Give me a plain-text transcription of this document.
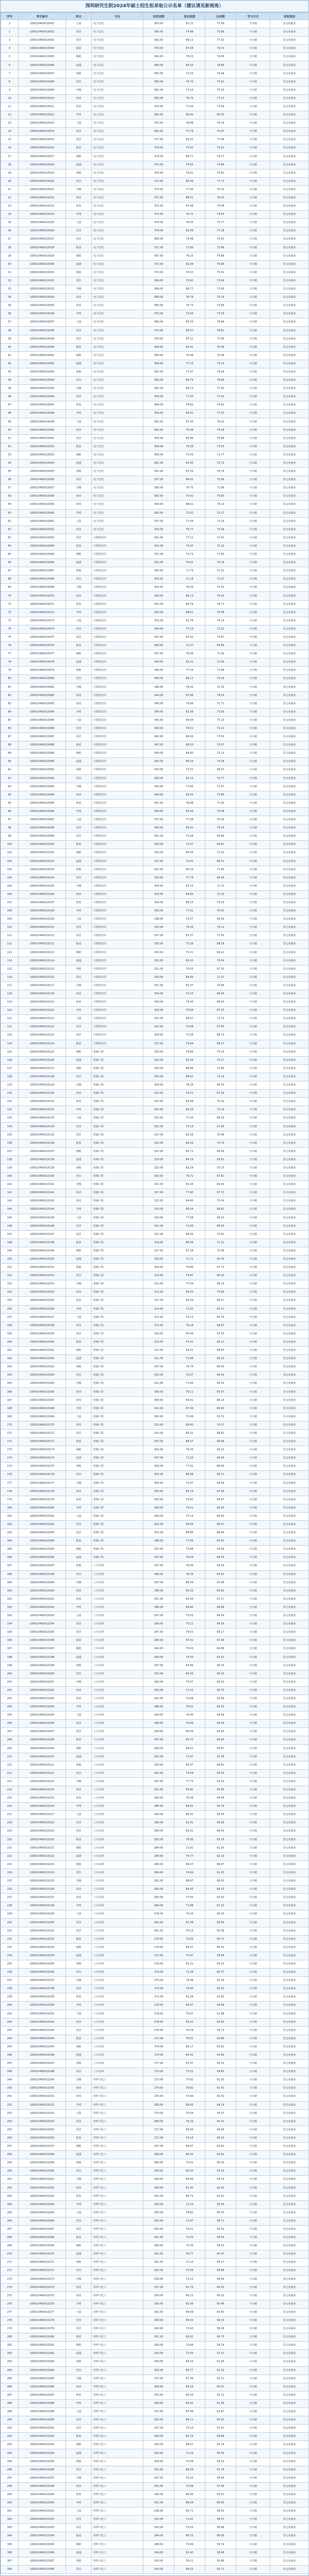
深圳研究生院2024年硕士招生拟录取公示名单（建议请见新视角）
序号	考生编号	姓名	专业	初试成绩	复试成绩	总成绩	学习方式	录取类别
1	100010400010001	王磊	电子信息	383.00	81.22	77.99	全日制	非定向就业
2	100010400010002	张伟	电子信息	380.00	74.88	75.66	全日制	非定向就业
3	100010400010003	刘洋	电子信息	382.00	80.13	77.52	全日制	非定向就业
4	100010400010004	陈晨	电子信息	379.00	87.58	79.33	全日制	非定向就业
5	100010400010005	杨帆	电子信息	382.00	78.22	76.95	全日制	非定向就业
6	100010400010006	赵越	电子信息	380.00	85.63	78.89	全日制	非定向就业
7	100010400010007	黄敏	电子信息	382.00	71.53	74.94	全日制	非定向就业
8	100010400010008	周杰	电子信息	380.00	74.70	75.61	全日制	非定向就业
9	100010400010009	吴娜	电子信息	381.00	73.16	75.29	全日制	非定向就业
10	100010400010010	徐涛	电子信息	380.00	79.75	77.13	全日制	非定向就业
11	100010400010011	孙悦	电子信息	376.00	71.00	73.94	全日制	非定向就业
12	100010400010012	李明	电子信息	382.00	89.40	80.30	全日制	非定向就业
13	100010400010013	王磊	电子信息	375.00	78.88	76.16	全日制	非定向就业
14	100010400010014	张伟	电子信息	381.00	73.78	75.47	全日制	非定向就业
15	100010400010015	刘洋	电子信息	377.00	81.01	77.08	全日制	非定向就业
16	100010400010016	陈晨	电子信息	378.00	75.62	75.61	全日制	非定向就业
17	100010400010017	杨帆	电子信息	374.00	89.71	79.27	全日制	非定向就业
18	100010400010018	赵越	电子信息	375.00	74.65	74.89	全日制	非定向就业
19	100010400010019	黄敏	电子信息	376.00	76.61	75.62	全日制	非定向就业
20	100010400010020	周杰	电子信息	372.00	85.46	77.72	全日制	非定向就业
21	100010400010021	吴娜	电子信息	373.00	77.00	75.32	全日制	非定向就业
22	100010400010022	徐涛	电子信息	371.00	88.52	78.50	全日制	非定向就业
23	100010400010023	孙悦	电子信息	372.00	87.68	78.38	全日制	非定向就业
24	100010400010024	李明	电子信息	373.00	74.72	74.64	全日制	非定向就业
25	100010400010025	王磊	电子信息	374.00	78.03	75.77	全日制	非定向就业
26	100010400010026	张伟	电子信息	374.00	83.06	77.28	全日制	非定向就业
27	100010400010027	刘洋	电子信息	369.00	74.48	74.00	全日制	非定向就业
28	100010400010028	陈晨	电子信息	371.00	71.80	73.48	全日制	非定向就业
29	100010400010029	杨帆	电子信息	367.00	78.25	74.86	全日制	非定向就业
30	100010400010030	赵越	电子信息	372.00	82.94	76.96	全日制	非定向就业
31	100010400010031	黄敏	电子信息	374.00	76.50	75.31	全日制	非定向就业
32	100010400010032	周杰	电子信息	369.00	79.92	75.64	全日制	非定向就业
33	100010400010033	吴娜	电子信息	369.00	86.77	77.69	全日制	非定向就业
34	100010400010034	徐涛	电子信息	368.00	78.79	75.16	全日制	非定向就业
35	100010400010035	孙悦	电子信息	366.00	74.73	73.66	全日制	非定向就业
36	100010400010036	李明	电子信息	370.00	72.64	73.59	全日制	非定向就业
37	100010400010037	王磊	电子信息	366.00	85.33	76.84	全日制	非定向就业
38	100010400010038	张伟	电子信息	370.00	89.37	78.61	全日制	非定向就业
39	100010400010039	刘洋	电子信息	370.00	87.21	77.96	全日制	非定向就业
40	100010400010040	陈晨	电子信息	368.00	82.81	76.36	全日制	非定向就业
41	100010400010041	杨帆	电子信息	366.00	70.48	72.38	全日制	非定向就业
42	100010400010042	赵越	电子信息	364.00	77.15	74.10	全日制	非定向就业
43	100010400010043	黄敏	电子信息	362.00	77.87	74.04	全日制	非定向就业
44	100010400010044	周杰	电子信息	366.00	84.74	76.66	全日制	非定向就业
45	100010400010045	吴娜	电子信息	362.00	89.13	77.42	全日制	非定向就业
46	100010400010046	徐涛	电子信息	359.00	77.20	73.42	全日制	非定向就业
47	100010400010047	孙悦	电子信息	364.00	78.82	74.61	全日制	非定向就业
48	100010400010048	李明	电子信息	359.00	89.81	77.20	全日制	非定向就业
49	100010400010049	王磊	电子信息	362.00	87.45	76.91	全日制	非定向就业
50	100010400010050	张伟	电子信息	362.00	79.38	74.49	全日制	非定向就业
51	100010400010051	刘洋	电子信息	358.00	85.86	75.88	全日制	非定向就业
52	100010400010052	陈晨	电子信息	364.00	75.29	73.55	全日制	非定向就业
53	100010400010053	杨帆	电子信息	356.00	73.09	71.77	全日制	非定向就业
54	100010400010054	赵越	电子信息	361.00	83.95	75.72	全日制	非定向就业
55	100010400010055	黄敏	电子信息	361.00	87.39	76.76	全日制	非定向就业
56	100010400010056	周杰	电子信息	357.00	86.61	75.96	全日制	非定向就业
57	100010400010057	吴娜	电子信息	356.00	70.75	71.06	全日制	非定向就业
58	100010400010058	徐涛	电子信息	355.00	70.42	70.83	全日制	非定向就业
59	100010400010059	孙悦	电子信息	358.00	86.61	76.10	全日制	非定向就业
60	100010400010060	李明	电子信息	360.00	72.91	72.27	全日制	非定向就业
61	100010400010061	王磊	电子信息	357.00	71.04	71.29	全日制	非定向就业
62	100010400010062	张伟	电子信息	354.00	79.77	73.49	全日制	非定向就业
63	100010400010063	刘洋	计算机技术	352.00	77.11	72.41	全日制	非定向就业
64	100010400010064	陈晨	计算机技术	353.00	75.92	72.20	全日制	非定向就业
65	100010400010065	杨帆	计算机技术	357.00	72.73	71.80	全日制	非定向就业
66	100010400010066	赵越	计算机技术	352.00	70.02	70.29	全日制	非定向就业
67	100010400010067	黄敏	计算机技术	355.00	71.73	71.22	全日制	非定向就业
68	100010400010068	周杰	计算机技术	353.00	72.18	71.07	全日制	非定向就业
69	100010400010069	吴娜	计算机技术	353.00	78.29	72.91	全日制	非定向就业
70	100010400010070	徐涛	计算机技术	349.00	85.13	74.40	全日制	非定向就业
71	100010400010071	孙悦	计算机技术	352.00	84.78	74.71	全日制	非定向就业
72	100010400010072	李明	计算机技术	350.00	88.61	75.58	全日制	非定向就业
73	100010400010073	王磊	计算机技术	353.00	82.78	74.25	全日制	非定向就业
74	100010400010074	张伟	计算机技术	349.00	77.19	72.02	全日制	非定向就业
75	100010400010075	刘洋	计算机技术	347.00	87.62	74.87	全日制	非定向就业
76	100010400010076	陈晨	计算机技术	346.00	71.37	69.85	全日制	非定向就业
77	100010400010077	杨帆	计算机技术	347.00	76.08	71.40	全日制	非定向就业
78	100010400010078	赵越	计算机技术	345.00	82.01	72.90	全日制	非定向就业
79	100010400010079	黄敏	计算机技术	348.00	77.54	71.98	全日制	非定向就业
80	100010400010080	周杰	计算机技术	348.00	88.12	75.16	全日制	非定向就业
81	100010400010081	吴娜	计算机技术	348.00	78.43	72.25	全日制	非定向就业
82	100010400010082	徐涛	计算机技术	344.00	87.98	74.55	全日制	非定向就业
83	100010400010083	孙悦	计算机技术	348.00	79.98	72.71	全日制	非定向就业
84	100010400010084	李明	计算机技术	349.00	83.56	73.93	全日制	非定向就业
85	100010400010085	王磊	计算机技术	345.00	89.34	75.10	全日制	非定向就业
86	100010400010086	张伟	计算机技术	348.00	78.31	72.21	全日制	非定向就业
87	100010400010087	刘洋	计算机技术	345.00	84.06	73.52	全日制	非定向就业
88	100010400010088	陈晨	计算机技术	347.00	88.30	75.07	全日制	非定向就业
89	100010400010089	杨帆	计算机技术	344.00	89.80	75.10	全日制	非定向就业
90	100010400010090	赵越	计算机技术	345.00	86.59	74.28	全日制	非定向就业
91	100010400010091	黄敏	计算机技术	343.00	71.51	69.47	全日制	非定向就业
92	100010400010092	周杰	计算机技术	346.00	81.10	72.77	全日制	非定向就业
93	100010400010093	吴娜	计算机技术	343.00	77.83	71.37	全日制	非定向就业
94	100010400010094	徐涛	计算机技术	344.00	85.65	73.85	全日制	非定向就业
95	100010400010095	孙悦	计算机技术	341.00	78.88	71.40	全日制	非定向就业
96	100010400010096	李明	计算机技术	344.00	84.44	73.49	全日制	非定向就业
97	100010400010097	王磊	计算机技术	337.00	77.38	70.39	全日制	非定向就业
98	100010400010098	张伟	计算机技术	340.00	89.81	74.54	全日制	非定向就业
99	100010400010099	刘洋	计算机技术	341.00	73.08	69.66	全日制	非定向就业
100	100010400010100	陈晨	计算机技术	340.00	73.37	69.61	全日制	非定向就业
101	100010400010101	杨帆	计算机技术	336.00	80.55	71.20	全日制	非定向就业
102	100010400010102	赵越	计算机技术	337.00	70.43	68.31	全日制	非定向就业
103	100010400010103	黄敏	计算机技术	341.00	80.29	71.83	全日制	非定向就业
104	100010400010104	周杰	计算机技术	333.00	77.78	69.95	全日制	非定向就业
105	100010400010105	吴娜	计算机技术	334.00	83.15	71.70	全日制	非定向就业
106	100010400010106	徐涛	计算机技术	334.00	84.80	72.20	全日制	非定向就业
107	100010400010107	孙悦	计算机技术	334.00	88.15	73.20	全日制	非定向就业
108	100010400010108	李明	计算机技术	336.00	77.91	70.41	全日制	非定向就业
109	100010400010109	王磊	计算机技术	338.00	73.57	69.39	全日制	非定向就业
110	100010400010110	张伟	计算机技术	333.00	78.34	70.12	全日制	非定向就业
111	100010400010111	刘洋	计算机技术	337.00	81.37	71.59	全日制	非定向就业
112	100010400010112	陈晨	计算机技术	330.00	73.26	68.18	全日制	非定向就业
113	100010400010113	杨帆	计算机技术	333.00	75.01	69.12	全日制	非定向就业
114	100010400010114	赵越	计算机技术	332.00	80.20	70.54	全日制	非定向就业
115	100010400010115	黄敏	计算机技术	331.00	70.55	67.50	全日制	非定向就业
116	100010400010116	周杰	计算机技术	328.00	84.83	71.37	全日制	非定向就业
117	100010400010117	吴娜	计算机技术	331.00	81.07	70.66	全日制	非定向就业
118	100010400010118	徐涛	计算机技术	334.00	72.10	68.39	全日制	非定向就业
119	100010400010119	孙悦	计算机技术	330.00	74.46	68.54	全日制	非定向就业
120	100010400010120	李明	计算机技术	329.00	70.64	67.25	全日制	非定向就业
121	100010400010121	王磊	计算机技术	327.00	84.57	71.15	全日制	非定向就业
122	100010400010122	张伟	计算机技术	332.00	70.58	67.65	全日制	非定向就业
123	100010400010123	刘洋	计算机技术	329.00	75.58	68.73	全日制	非定向就业
124	100010400010124	陈晨	计算机技术	327.00	74.64	68.17	全日制	非定向就业
125	100010400010125	杨帆	机械工程	330.00	79.84	70.15	全日制	非定向就业
126	100010400010126	赵越	机械工程	325.00	82.56	70.27	全日制	非定向就业
127	100010400010127	黄敏	机械工程	330.00	88.96	72.89	全日制	非定向就业
128	100010400010128	周杰	机械工程	325.00	88.92	72.18	全日制	非定向就业
129	100010400010129	吴娜	机械工程	328.00	78.24	69.39	全日制	非定向就业
130	100010400010130	徐涛	机械工程	322.00	74.21	67.34	全日制	非定向就业
131	100010400010131	孙悦	机械工程	322.00	84.48	70.42	全日制	非定向就业
132	100010400010132	李明	机械工程	325.00	89.29	72.29	全日制	非定向就业
133	100010400010133	王磊	机械工程	322.00	77.05	68.19	全日制	非定向就业
134	100010400010134	张伟	机械工程	322.00	73.19	67.04	全日制	非定向就业
135	100010400010135	刘洋	机械工程	327.00	82.38	70.49	全日制	非定向就业
136	100010400010136	陈晨	机械工程	325.00	84.16	70.75	全日制	非定向就业
137	100010400010137	杨帆	机械工程	321.00	81.71	69.45	全日制	非定向就业
138	100010400010138	赵越	机械工程	319.00	84.18	69.91	全日制	非定向就业
139	100010400010139	黄敏	机械工程	325.00	82.18	70.15	全日制	非定向就业
140	100010400010140	周杰	机械工程	320.00	76.71	67.81	全日制	非定向就业
141	100010400010141	吴娜	机械工程	321.00	81.34	69.34	全日制	非定向就业
142	100010400010142	徐涛	机械工程	317.00	77.80	67.72	全日制	非定向就业
143	100010400010143	孙悦	机械工程	322.00	84.86	70.54	全日制	非定向就业
144	100010400010144	李明	机械工程	319.00	80.54	68.82	全日制	非定向就业
145	100010400010145	王磊	机械工程	320.00	77.68	68.10	全日制	非定向就业
146	100010400010146	张伟	机械工程	315.00	72.83	65.95	全日制	非定向就业
147	100010400010147	刘洋	机械工程	317.00	88.45	70.91	全日制	非定向就业
148	100010400010148	陈晨	机械工程	319.00	88.49	71.21	全日制	非定向就业
149	100010400010149	杨帆	机械工程	317.00	87.28	70.56	全日制	非定向就业
150	100010400010150	赵越	机械工程	316.00	71.72	65.76	全日制	非定向就业
151	100010400010151	黄敏	机械工程	319.00	76.89	67.73	全日制	非定向就业
152	100010400010152	周杰	机械工程	314.00	74.87	66.42	全日制	非定向就业
153	100010400010153	吴娜	机械工程	312.00	77.04	66.79	全日制	非定向就业
154	100010400010154	徐涛	机械工程	313.00	89.55	70.69	全日制	非定向就业
155	100010400010155	孙悦	机械工程	317.00	82.29	69.07	全日制	非定向就业
156	100010400010156	李明	机械工程	314.00	71.05	65.27	全日制	非定向就业
157	100010400010157	王磊	机械工程	313.00	73.13	65.76	全日制	非定向就业
158	100010400010158	张伟	机械工程	313.00	76.18	66.67	全日制	非定向就业
159	100010400010159	刘洋	机械工程	310.00	80.44	67.53	全日制	非定向就业
160	100010400010160	陈晨	机械工程	313.00	74.31	66.11	全日制	非定向就业
161	100010400010161	杨帆	机械工程	312.00	83.22	68.65	全日制	非定向就业
162	100010400010162	赵越	机械工程	311.00	71.86	65.10	全日制	非定向就业
163	100010400010163	黄敏	机械工程	307.00	79.74	66.90	全日制	非定向就业
164	100010400010164	周杰	机械工程	310.00	70.07	64.42	全日制	非定向就业
165	100010400010165	吴娜	机械工程	311.00	71.99	65.14	全日制	非定向就业
166	100010400010166	徐涛	机械工程	306.00	76.11	65.67	全日制	非定向就业
167	100010400010167	孙悦	机械工程	308.00	83.41	68.14	全日制	非定向就业
168	100010400010168	李明	机械工程	312.00	87.49	69.93	全日制	非定向就业
169	100010400010169	王磊	机械工程	305.00	70.06	63.72	全日制	非定向就业
170	100010400010170	张伟	机械工程	310.00	89.90	70.37	全日制	非定向就业
171	100010400010171	刘洋	机械工程	310.00	85.02	68.91	全日制	非定向就业
172	100010400010172	陈晨	机械工程	307.00	88.27	69.46	全日制	非定向就业
173	100010400010173	杨帆	机械工程	302.00	76.20	65.14	全日制	非定向就业
174	100010400010174	赵越	机械工程	307.00	71.26	64.36	全日制	非定向就业
175	100010400010175	黄敏	机械工程	306.00	77.41	66.06	全日制	非定向就业
176	100010400010176	周杰	机械工程	303.00	88.98	69.11	全日制	非定向就业
177	100010400010177	吴娜	机械工程	305.00	72.87	64.56	全日制	非定向就业
178	100010400010178	徐涛	机械工程	305.00	84.14	67.94	全日制	非定向就业
179	100010400010179	孙悦	机械工程	300.00	74.91	64.47	全日制	非定向就业
180	100010400010180	李明	机械工程	300.00	76.51	64.95	全日制	非定向就业
181	100010400010181	王磊	机械工程	299.00	75.14	64.40	全日制	非定向就业
182	100010400010182	张伟	机械工程	302.00	80.65	66.47	全日制	非定向就业
183	100010400010183	刘洋	机械工程	302.00	88.86	68.94	全日制	非定向就业
184	100010400010184	陈晨	机械工程	298.00	77.05	64.83	全日制	非定向就业
185	100010400010185	杨帆	机械工程	297.00	72.88	63.44	全日制	非定向就业
186	100010400010186	赵越	机械工程	297.00	76.58	64.55	全日制	非定向就业
187	100010400010187	黄敏	土木水利	297.00	76.56	64.55	全日制	非定向就业
188	100010400010188	周杰	土木水利	296.00	78.25	64.91	全日制	非定向就业
189	100010400010189	吴娜	土木水利	297.00	86.34	67.48	全日制	非定向就业
190	100010400010190	徐涛	土木水利	298.00	80.33	65.82	全日制	非定向就业
191	100010400010191	孙悦	土木水利	301.00	83.44	67.17	全日制	非定向就业
192	100010400010192	李明	土木水利	296.00	84.80	66.88	全日制	非定向就业
193	100010400010193	王磊	土木水利	297.00	75.03	64.09	全日制	非定向就业
194	100010400010194	张伟	土木水利	299.00	75.11	64.39	全日制	非定向就业
195	100010400010195	刘洋	土木水利	297.00	78.63	65.17	全日制	非定向就业
196	100010400010196	陈晨	土木水利	295.00	87.31	67.49	全日制	非定向就业
197	100010400010197	杨帆	土木水利	292.00	79.93	64.86	全日制	非定向就业
198	100010400010198	赵越	土木水利	294.00	74.50	63.51	全日制	非定向就业
199	100010400010199	黄敏	土木水利	297.00	83.86	66.74	全日制	非定向就业
200	100010400010200	周杰	土木水利	292.00	84.56	66.25	全日制	非定向就业
201	100010400010201	吴娜	土木水利	290.00	79.07	64.32	全日制	非定向就业
202	100010400010202	徐涛	土木水利	295.00	71.33	62.70	全日制	非定向就业
203	100010400010203	孙悦	土木水利	292.00	75.68	63.58	全日制	非定向就业
204	100010400010204	李明	土木水利	288.00	79.01	64.02	全日制	非定向就业
205	100010400010205	王磊	土木水利	294.00	76.40	64.08	全日制	非定向就业
206	100010400010206	张伟	土木水利	288.00	79.94	64.30	全日制	非定向就业
207	100010400010207	刘洋	土木水利	290.00	80.99	64.90	全日制	非定向就业
208	100010400010208	陈晨	土木水利	287.00	85.72	65.90	全日制	非定向就业
209	100010400010209	杨帆	土木水利	289.00	84.02	65.67	全日制	非定向就业
210	100010400010210	赵越	土木水利	292.00	71.67	62.38	全日制	非定向就业
211	100010400010211	黄敏	土木水利	293.00	85.97	66.81	全日制	非定向就业
212	100010400010212	周杰	土木水利	292.00	74.58	63.25	全日制	非定向就业
213	100010400010213	吴娜	土木水利	287.00	77.73	63.50	全日制	非定向就业
214	100010400010214	徐涛	土木水利	291.00	83.82	65.89	全日制	非定向就业
215	100010400010215	孙悦	土木水利	290.00	78.28	64.08	全日制	非定向就业
216	100010400010216	李明	土木水利	286.00	85.82	65.79	全日制	非定向就业
217	100010400010217	王磊	土木水利	284.00	85.92	65.54	全日制	非定向就业
218	100010400010218	张伟	土木水利	286.00	81.81	64.58	全日制	非定向就业
219	100010400010219	刘洋	土木水利	284.00	82.61	64.54	全日制	非定向就业
220	100010400010220	陈晨	土木水利	282.00	78.95	63.16	全日制	非定向就业
221	100010400010221	杨帆	土木水利	284.00	71.81	61.30	全日制	非定向就业
222	100010400010222	赵越	土木水利	284.00	74.77	62.19	全日制	非定向就业
223	100010400010223	黄敏	土木水利	280.00	89.57	66.07	全日制	非定向就业
224	100010400010224	周杰	土木水利	284.00	74.96	62.25	全日制	非定向就业
225	100010400010225	吴娜	土木水利	281.00	88.97	66.03	全日制	非定向就业
226	100010400010226	徐涛	土木水利	280.00	84.45	64.53	全日制	非定向就业
227	100010400010227	孙悦	土木水利	283.00	77.93	63.00	全日制	非定向就业
228	100010400010228	李明	土木水利	284.00	71.88	61.32	全日制	非定向就业
229	100010400010229	王磊	土木水利	278.00	70.25	60.00	全日制	非定向就业
230	100010400010230	张伟	土木水利	282.00	87.38	65.69	全日制	非定向就业
231	100010400010231	刘洋	土木水利	281.00	70.15	60.38	全日制	非定向就业
232	100010400010232	陈晨	土木水利	276.00	73.65	60.73	全日制	非定向就业
233	100010400010233	杨帆	土木水利	278.00	89.97	65.91	全日制	非定向就业
234	100010400010234	赵越	土木水利	275.00	70.47	59.64	全日制	非定向就业
235	100010400010235	黄敏	土木水利	276.00	81.31	63.03	全日制	非定向就业
236	100010400010236	周杰	土木水利	279.00	72.38	60.77	全日制	非定向就业
237	100010400010237	吴娜	土木水利	275.00	79.48	62.34	全日制	非定向就业
238	100010400010238	徐涛	土木水利	274.00	79.90	62.33	全日制	非定向就业
239	100010400010239	孙悦	土木水利	273.00	81.28	62.60	全日制	非定向就业
240	100010400010240	李明	土木水利	278.00	83.87	64.08	全日制	非定向就业
241	100010400010241	王磊	土木水利	279.00	76.07	61.88	全日制	非定向就业
242	100010400010242	张伟	土木水利	278.00	83.32	63.92	全日制	非定向就业
243	100010400010243	刘洋	土木水利	276.00	70.29	59.73	全日制	非定向就业
244	100010400010244	陈晨	土木水利	271.00	76.51	60.89	全日制	非定向就业
245	100010400010245	杨帆	土木水利	274.00	85.17	63.91	全日制	非定向就业
246	100010400010246	赵越	土木水利	274.00	85.42	63.99	全日制	非定向就业
247	100010400010247	黄敏	土木水利	277.00	87.87	65.14	全日制	非定向就业
248	100010400010248	周杰	土木水利	270.00	73.51	59.85	全日制	非定向就业
249	100010400010249	吴娜	材料与化工	273.00	75.92	61.00	全日制	非定向就业
250	100010400010250	徐涛	材料与化工	274.00	76.82	61.41	全日制	非定向就业
251	100010400010251	孙悦	材料与化工	270.00	74.99	60.30	全日制	非定向就业
252	100010400010252	李明	材料与化工	269.00	88.45	64.19	全日制	非定向就业
253	100010400010253	王磊	材料与化工	274.00	70.04	59.37	全日制	非定向就业
254	100010400010254	张伟	材料与化工	268.00	76.29	60.41	全日制	非定向就业
255	100010400010255	刘洋	材料与化工	272.00	89.69	64.99	全日制	非定向就业
256	100010400010256	陈晨	材料与化工	271.00	74.18	60.19	全日制	非定向就业
257	100010400010257	杨帆	材料与化工	267.00	84.07	62.60	全日制	非定向就业
258	100010400010258	赵越	材料与化工	268.00	86.30	63.41	全日制	非定向就业
259	100010400010259	黄敏	材料与化工	268.00	75.91	60.29	全日制	非定向就业
260	100010400010260	周杰	材料与化工	269.00	85.00	63.16	全日制	非定向就业
261	100010400010261	吴娜	材料与化工	269.00	84.94	63.14	全日制	非定向就业
262	100010400010262	徐涛	材料与化工	268.00	81.90	62.09	全日制	非定向就业
263	100010400010263	孙悦	材料与化工	262.00	85.75	62.41	全日制	非定向就业
264	100010400010264	李明	材料与化工	269.00	72.29	59.35	全日制	非定向就业
265	100010400010265	王磊	材料与化工	265.00	78.82	60.75	全日制	非定向就业
266	100010400010266	张伟	材料与化工	263.00	72.97	58.71	全日制	非定向就业
267	100010400010267	刘洋	材料与化工	263.00	75.01	59.32	全日制	非定向就业
268	100010400010268	陈晨	材料与化工	261.00	73.33	58.54	全日制	非定向就业
269	100010400010269	杨帆	材料与化工	260.00	73.35	58.41	全日制	非定向就业
270	100010400010270	赵越	材料与化工	261.00	79.77	60.47	全日制	非定向就业
271	100010400010271	黄敏	材料与化工	261.00	72.10	58.17	全日制	非定向就业
272	100010400010272	周杰	材料与化工	263.00	73.54	58.88	全日制	非定向就业
273	100010400010273	吴娜	材料与化工	258.00	73.23	58.09	全日制	非定向就业
274	100010400010274	徐涛	材料与化工	257.00	81.79	60.52	全日制	非定向就业
275	100010400010275	孙悦	材料与化工	259.00	80.21	60.32	全日制	非定向就业
276	100010400010276	李明	材料与化工	256.00	82.06	60.46	全日制	非定向就业
277	100010400010277	王磊	材料与化工	262.00	89.08	63.40	全日制	非定向就业
278	100010400010278	张伟	材料与化工	258.00	80.03	60.13	全日制	非定向就业
279	100010400010279	刘洋	材料与化工	260.00	72.93	58.28	全日制	非定向就业
280	100010400010280	陈晨	材料与化工	261.00	80.62	60.73	全日制	非定向就业
281	100010400010281	杨帆	材料与化工	256.00	79.66	59.74	全日制	非定向就业
282	100010400010282	赵越	材料与化工	254.00	72.50	57.31	全日制	非定向就业
283	100010400010283	黄敏	材料与化工	258.00	83.10	61.05	全日制	非定向就业
284	100010400010284	周杰	材料与化工	254.00	85.77	61.29	全日制	非定向就业
285	100010400010285	吴娜	材料与化工	257.00	87.44	62.21	全日制	非定向就业
286	100010400010286	徐涛	材料与化工	254.00	83.16	60.51	全日制	非定向就业
287	100010400010287	孙悦	材料与化工	255.00	85.04	61.21	全日制	非定向就业
288	100010400010288	李明	材料与化工	258.00	84.42	61.45	全日制	非定向就业
289	100010400010289	王磊	材料与化工	253.00	87.49	61.67	全日制	非定向就业
290	100010400010290	张伟	材料与化工	255.00	84.11	60.93	全日制	非定向就业
291	100010400010291	刘洋	材料与化工	257.00	70.10	57.01	全日制	非定向就业
292	100010400010292	陈晨	材料与化工	249.00	82.74	59.68	全日制	非定向就业
293	100010400010293	杨帆	材料与化工	256.00	89.67	62.74	全日制	非定向就业
294	100010400010294	赵越	材料与化工	250.00	71.16	56.35	全日制	非定向就业
295	100010400010295	黄敏	材料与化工	254.00	75.58	58.23	全日制	非定向就业
296	100010400010296	周杰	材料与化工	252.00	88.38	61.79	全日制	非定向就业
297	100010400010297	吴娜	材料与化工	247.00	74.25	56.85	全日制	非定向就业
298	100010400010298	徐涛	材料与化工	252.00	72.68	57.08	全日制	非定向就业
299	100010400010299	孙悦	材料与化工	246.00	86.90	60.51	全日制	非定向就业
300	100010400010300	李明	材料与化工	251.00	86.04	60.95	全日制	非定向就业
301	100010400010301	王磊	材料与化工	248.00	80.71	58.93	全日制	非定向就业
302	100010400010302	张伟	材料与化工	250.00	71.91	56.57	全日制	非定向就业
303	100010400010303	刘洋	材料与化工	250.00	73.20	56.96	全日制	非定向就业
304	100010400010304	陈晨	材料与化工	244.00	86.33	60.06	全日制	非定向就业
305	100010400010305	杨帆	材料与化工	248.00	70.06	55.74	全日制	非定向就业
306	100010400010306	赵越	材料与化工	244.00	82.40	58.88	全日制	非定向就业
307	100010400010307	黄敏	材料与化工	243.00	76.21	56.88	全日制	非定向就业
308	100010400010308	周杰	材料与化工	245.00	88.02	60.71	全日制	非定向就业
